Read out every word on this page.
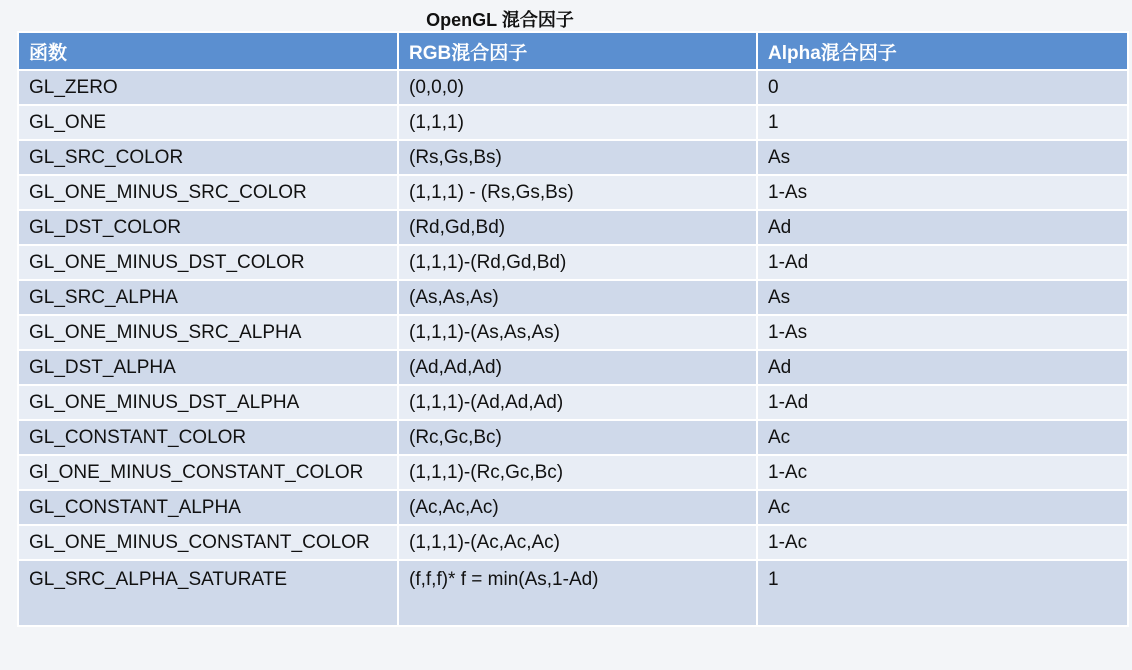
OpenGL 混合因子
函数	RGB混合因子	Alpha混合因子
GL_ZERO	(0,0,0)	0
GL_ONE	(1,1,1)	1
GL_SRC_COLOR	(Rs,Gs,Bs)	As
GL_ONE_MINUS_SRC_COLOR	(1,1,1) - (Rs,Gs,Bs)	1-As
GL_DST_COLOR	(Rd,Gd,Bd)	Ad
GL_ONE_MINUS_DST_COLOR	(1,1,1)-(Rd,Gd,Bd)	1-Ad
GL_SRC_ALPHA	(As,As,As)	As
GL_ONE_MINUS_SRC_ALPHA	(1,1,1)-(As,As,As)	1-As
GL_DST_ALPHA	(Ad,Ad,Ad)	Ad
GL_ONE_MINUS_DST_ALPHA	(1,1,1)-(Ad,Ad,Ad)	1-Ad
GL_CONSTANT_COLOR	(Rc,Gc,Bc)	Ac
Gl_ONE_MINUS_CONSTANT_COLOR	(1,1,1)-(Rc,Gc,Bc)	1-Ac
GL_CONSTANT_ALPHA	(Ac,Ac,Ac)	Ac
GL_ONE_MINUS_CONSTANT_COLOR	(1,1,1)-(Ac,Ac,Ac)	1-Ac
GL_SRC_ALPHA_SATURATE	(f,f,f)* f = min(As,1-Ad)	1
